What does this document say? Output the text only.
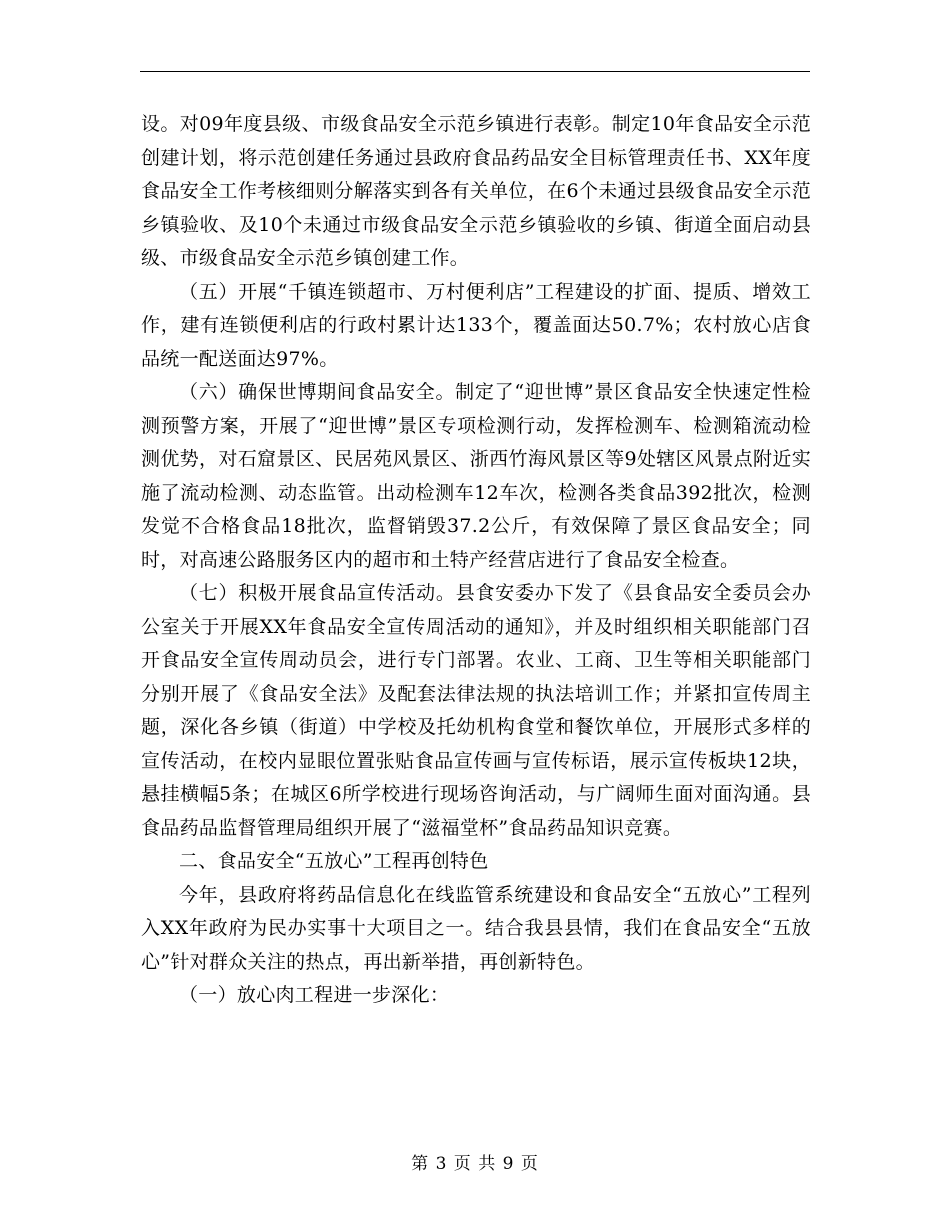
设。对09年度县级、市级食品安全示范乡镇进行表彰。制定10年食品安全示范创建计划，将示范创建任务通过县政府食品药品安全目标管理责任书、XX年度食品安全工作考核细则分解落实到各有关单位，在6个未通过县级食品安全示范乡镇验收、及10个未通过市级食品安全示范乡镇验收的乡镇、街道全面启动县级、市级食品安全示范乡镇创建工作。

（五）开展“千镇连锁超市、万村便利店”工程建设的扩面、提质、增效工作，建有连锁便利店的行政村累计达133个，覆盖面达50.7%；农村放心店食品统一配送面达97%。

（六）确保世博期间食品安全。制定了“迎世博”景区食品安全快速定性检测预警方案，开展了“迎世博”景区专项检测行动，发挥检测车、检测箱流动检测优势，对石窟景区、民居苑风景区、浙西竹海风景区等9处辖区风景点附近实施了流动检测、动态监管。出动检测车12车次，检测各类食品392批次，检测发觉不合格食品18批次，监督销毁37.2公斤，有效保障了景区食品安全；同时，对高速公路服务区内的超市和土特产经营店进行了食品安全检查。

（七）积极开展食品宣传活动。县食安委办下发了《县食品安全委员会办公室关于开展XX年食品安全宣传周活动的通知》，并及时组织相关职能部门召开食品安全宣传周动员会，进行专门部署。农业、工商、卫生等相关职能部门分别开展了《食品安全法》及配套法律法规的执法培训工作；并紧扣宣传周主题，深化各乡镇（街道）中学校及托幼机构食堂和餐饮单位，开展形式多样的宣传活动，在校内显眼位置张贴食品宣传画与宣传标语，展示宣传板块12块，悬挂横幅5条；在城区6所学校进行现场咨询活动，与广阔师生面对面沟通。县食品药品监督管理局组织开展了“滋福堂杯”食品药品知识竞赛。

二、食品安全“五放心”工程再创特色

今年，县政府将药品信息化在线监管系统建设和食品安全“五放心”工程列入XX年政府为民办实事十大项目之一。结合我县县情，我们在食品安全“五放心”针对群众关注的热点，再出新举措，再创新特色。

（一）放心肉工程进一步深化：

第 3 页 共 9 页
